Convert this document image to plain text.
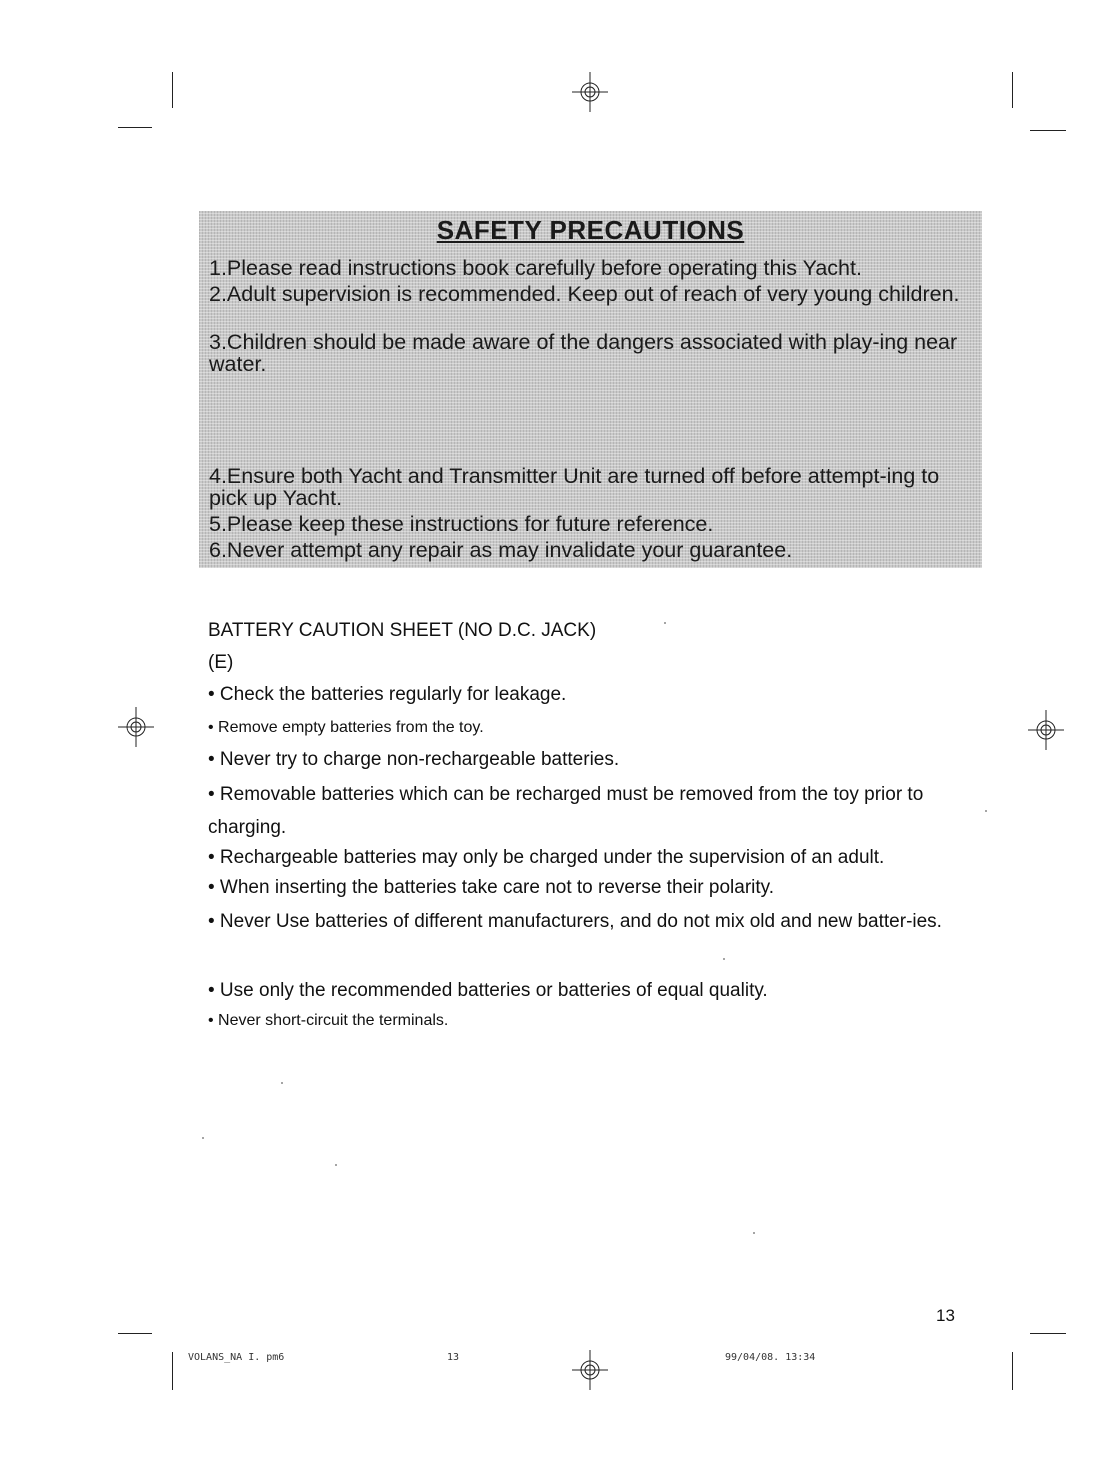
SAFETY PRECAUTIONS
1.Please read instructions book carefully before operating this Yacht.
2.Adult supervision is recommended. Keep out of reach of very young children.
3.Children should be made aware of the dangers associated with play-ing near water.
4.Ensure both Yacht and Transmitter Unit are turned off before attempt-ing to pick up Yacht.
5.Please keep these instructions for future reference.
6.Never attempt any repair as may invalidate your guarantee.
BATTERY CAUTION SHEET (NO D.C. JACK)
(E)
• Check the batteries regularly for leakage.
• Remove empty batteries from the toy.
• Never try to charge non-rechargeable batteries.
• Removable batteries which can be recharged must be removed from the toy prior to charging.
• Rechargeable batteries may only be charged under the supervision of an adult.
• When inserting the batteries take care not to reverse their polarity.
• Never Use batteries of different manufacturers, and do not mix old and new batter-ies.
• Use only the recommended batteries or batteries of equal quality.
• Never short-circuit the terminals.
13
VOLANS_NA I. pm6	13	99/04/08. 13:34
